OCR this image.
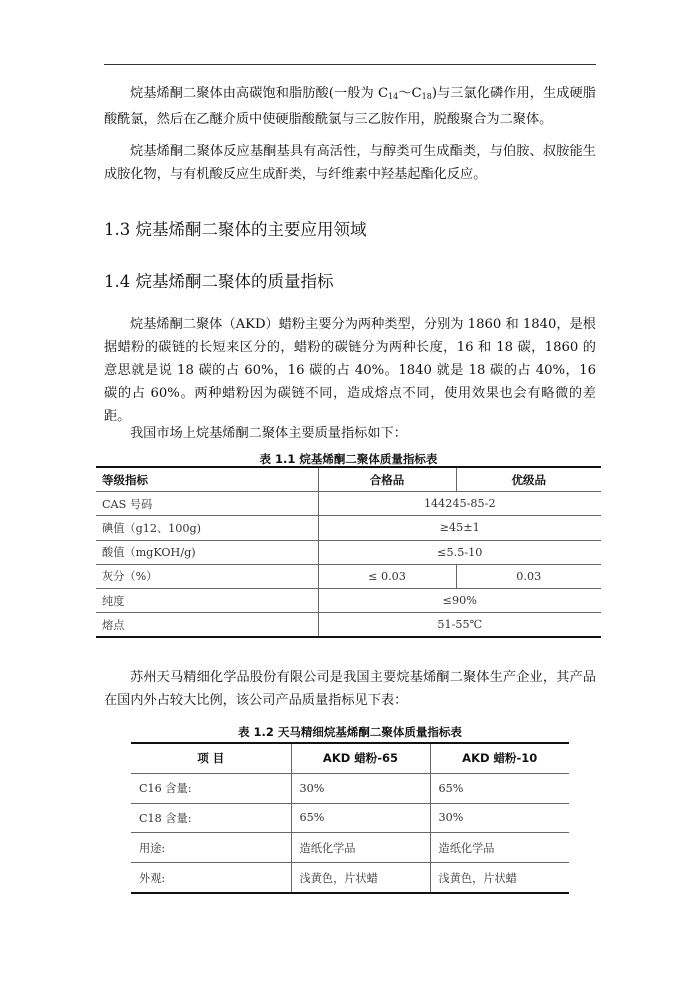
烷基烯酮二聚体由高碳饱和脂肪酸(一般为 $C_{14}\sim C_{18}$)与三氯化磷作用，生成硬脂酸酰氯，然后在乙醚介质中使硬脂酸酰氯与三乙胺作用，脱酸聚合为二聚体。

烷基烯酮二聚体反应基酮基具有高活性，与醇类可生成酯类，与伯胺、叔胺能生成胺化物，与有机酸反应生成酐类，与纤维素中羟基起酯化反应。

1.3 烷基烯酮二聚体的主要应用领域
1.4 烷基烯酮二聚体的质量指标

烷基烯酮二聚体（AKD）蜡粉主要分为两种类型，分别为 1860 和 1840，是根据蜡粉的碳链的长短来区分的，蜡粉的碳链分为两种长度，16 和 18 碳，1860 的意思就是说 18 碳的占 60%，16 碳的占 40%。1840 就是 18 碳的占 40%，16 碳的占 60%。两种蜡粉因为碳链不同，造成熔点不同，使用效果也会有略微的差距。

我国市场上烷基烯酮二聚体主要质量指标如下：

表 1.1 烷基烯酮二聚体质量指标表

等级指标	合格品	优级品
CAS 号码	144245-85-2	
碘值（g12、100g)	≥45±1	
酸值（mgKOH/g)	≤5.5-10	
灰分（%）	≤ 0.03	0.03
纯度	≤90%	
熔点	51-55℃	

苏州天马精细化学品股份有限公司是我国主要烷基烯酮二聚体生产企业，其产品在国内外占较大比例，该公司产品质量指标见下表：

表 1.2 天马精细烷基烯酮二聚体质量指标表

项 目	AKD 蜡粉-65	AKD 蜡粉-10
C16 含量:	30%	65%
C18 含量:	65%	30%
用途:	造纸化学品	造纸化学品
外观:	浅黄色，片状蜡	浅黄色，片状蜡
